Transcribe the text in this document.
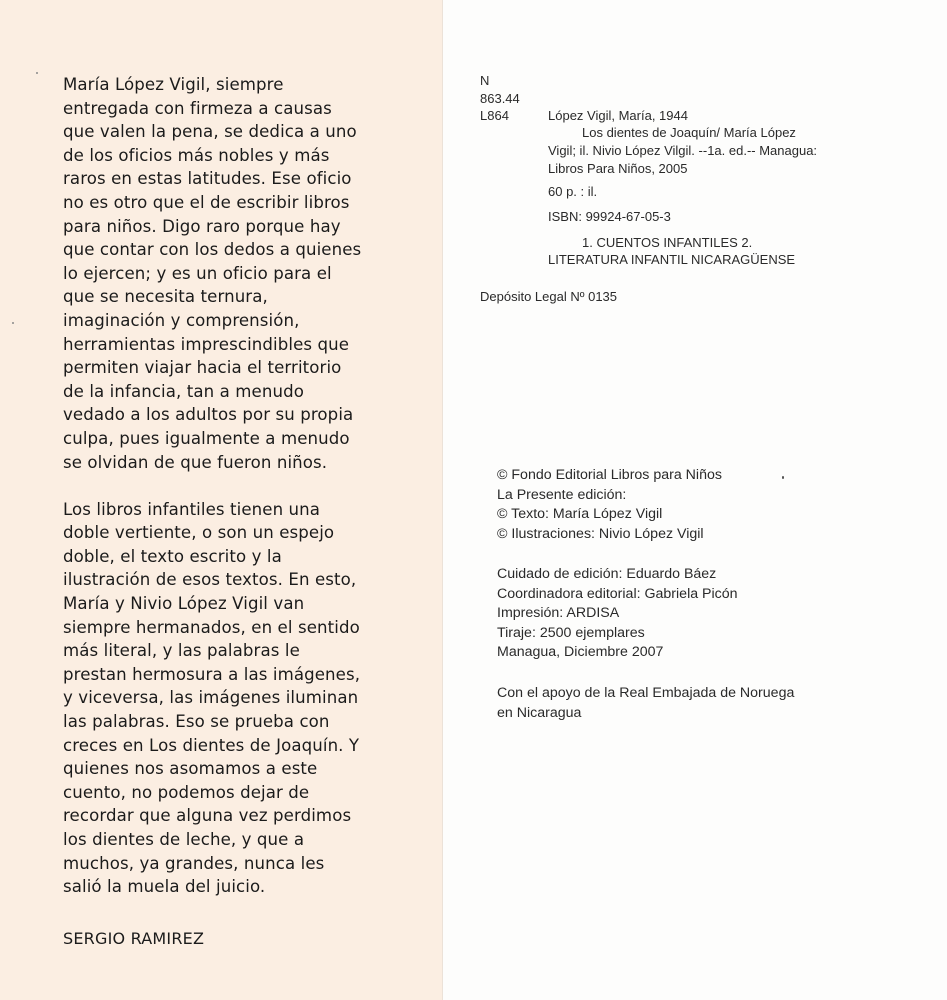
María López Vigil, siempre
entregada con firmeza a causas
que valen la pena, se dedica a uno
de los oficios más nobles y más
raros en estas latitudes. Ese oficio
no es otro que el de escribir libros
para niños. Digo raro porque hay
que contar con los dedos a quienes
lo ejercen; y es un oficio para el
que se necesita ternura,
imaginación y comprensión,
herramientas imprescindibles que
permiten viajar hacia el territorio
de la infancia, tan a menudo
vedado a los adultos por su propia
culpa, pues igualmente a menudo
se olvidan de que fueron niños.
Los libros infantiles tienen una
doble vertiente, o son un espejo
doble, el texto escrito y la
ilustración de esos textos. En esto,
María y Nivio López Vigil van
siempre hermanados, en el sentido
más literal, y las palabras le
prestan hermosura a las imágenes,
y viceversa, las imágenes iluminan
las palabras. Eso se prueba con
creces en Los dientes de Joaquín. Y
quienes nos asomamos a este
cuento, no podemos dejar de
recordar que alguna vez perdimos
los dientes de leche, y que a
muchos, ya grandes, nunca les
salió la muela del juicio.
SERGIO RAMIREZ
N
863.44
L864	López Vigil, María, 1944
Los dientes de Joaquín/ María López
Vigil; il. Nivio López Vilgil. --1a. ed.-- Managua:
Libros Para Niños, 2005
60 p. : il.
ISBN: 99924-67-05-3
1. CUENTOS INFANTILES 2.
LITERATURA INFANTIL NICARAGÜENSE
Depósito Legal Nº 0135
© Fondo Editorial Libros para Niños
La Presente edición:
© Texto: María López Vigil
© Ilustraciones: Nivio López Vigil
Cuidado de edición: Eduardo Báez
Coordinadora editorial: Gabriela Picón
Impresión: ARDISA
Tiraje: 2500 ejemplares
Managua, Diciembre 2007
Con el apoyo de la Real Embajada de Noruega
en Nicaragua
